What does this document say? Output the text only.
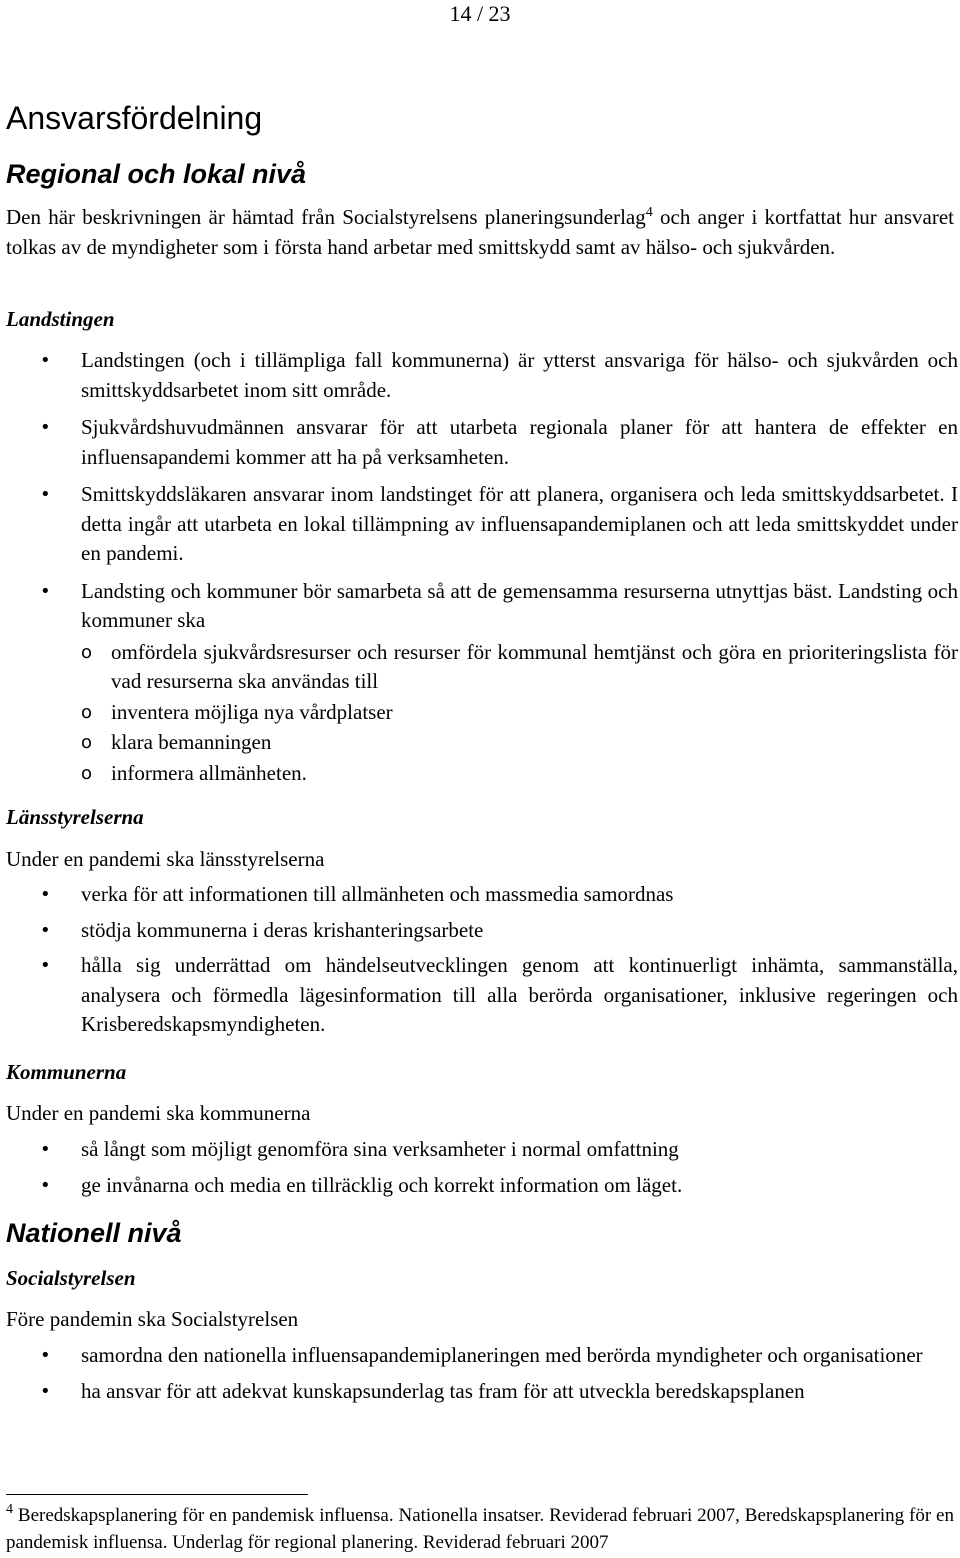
14 / 23
Ansvarsfördelning
Regional och lokal nivå

Den här beskrivningen är hämtad från Socialstyrelsens planeringsunderlag$^4$ och anger i kortfattat hur ansvaret tolkas av de myndigheter som i första hand arbetar med smittskydd samt av hälso- och sjukvården.

Landstingen
• Landstingen (och i tillämpliga fall kommunerna) är ytterst ansvariga för hälso- och sjukvården och smittskyddsarbetet inom sitt område.
• Sjukvårdshuvudmännen ansvarar för att utarbeta regionala planer för att hantera de effekter en influensapandemi kommer att ha på verksamheten.
• Smittskyddsläkaren ansvarar inom landstinget för att planera, organisera och leda smittskyddsarbetet. I detta ingår att utarbeta en lokal tillämpning av influensapandemiplanen och att leda smittskyddet under en pandemi.
• Landsting och kommuner bör samarbeta så att de gemensamma resurserna utnyttjas bäst. Landsting och kommuner ska
o omfördela sjukvårdsresurser och resurser för kommunal hemtjänst och göra en prioriteringslista för vad resurserna ska användas till
o inventera möjliga nya vårdplatser
o klara bemanningen
o informera allmänheten.
Länsstyrelserna
Under en pandemi ska länsstyrelserna
• verka för att informationen till allmänheten och massmedia samordnas
• stödja kommunerna i deras krishanteringsarbete
• hålla sig underrättad om händelseutvecklingen genom att kontinuerligt inhämta, sammanställa, analysera och förmedla lägesinformation till alla berörda organisationer, inklusive regeringen och Krisberedskapsmyndigheten.
Kommunerna
Under en pandemi ska kommunerna
• så långt som möjligt genomföra sina verksamheter i normal omfattning
• ge invånarna och media en tillräcklig och korrekt information om läget.
Nationell nivå
Socialstyrelsen
Före pandemin ska Socialstyrelsen
• samordna den nationella influensapandemiplaneringen med berörda myndigheter och organisationer
• ha ansvar för att adekvat kunskapsunderlag tas fram för att utveckla beredskapsplanen

$^4$ Beredskapsplanering för en pandemisk influensa. Nationella insatser. Reviderad februari 2007, Beredskapsplanering för en pandemisk influensa. Underlag för regional planering. Reviderad februari 2007
